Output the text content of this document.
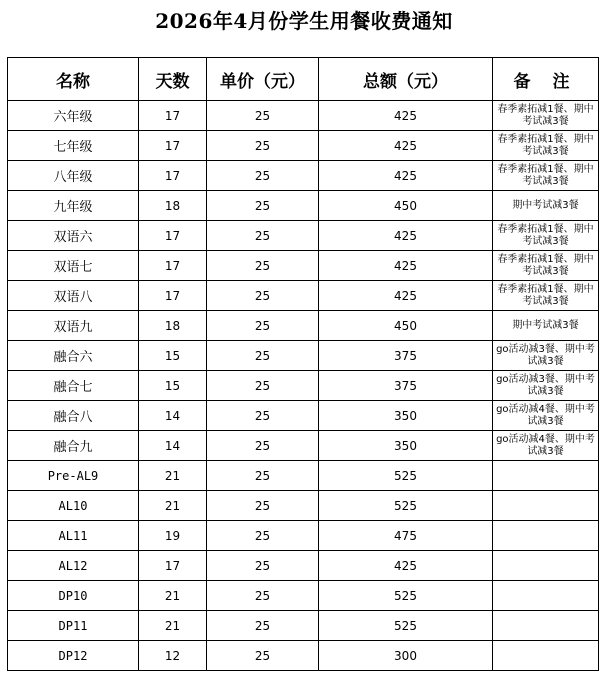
2026年4月份学生用餐收费通知
名称	天数	单价（元）	总额（元）	备 注
六年级	17	25	425	春季素拓减1餐、期中考试减3餐
七年级	17	25	425	春季素拓减1餐、期中考试减3餐
八年级	17	25	425	春季素拓减1餐、期中考试减3餐
九年级	18	25	450	期中考试减3餐
双语六	17	25	425	春季素拓减1餐、期中考试减3餐
双语七	17	25	425	春季素拓减1餐、期中考试减3餐
双语八	17	25	425	春季素拓减1餐、期中考试减3餐
双语九	18	25	450	期中考试减3餐
融合六	15	25	375	go活动减3餐、期中考试减3餐
融合七	15	25	375	go活动减3餐、期中考试减3餐
融合八	14	25	350	go活动减4餐、期中考试减3餐
融合九	14	25	350	go活动减4餐、期中考试减3餐
Pre-AL9	21	25	525	
AL10	21	25	525	
AL11	19	25	475	
AL12	17	25	425	
DP10	21	25	525	
DP11	21	25	525	
DP12	12	25	300	
